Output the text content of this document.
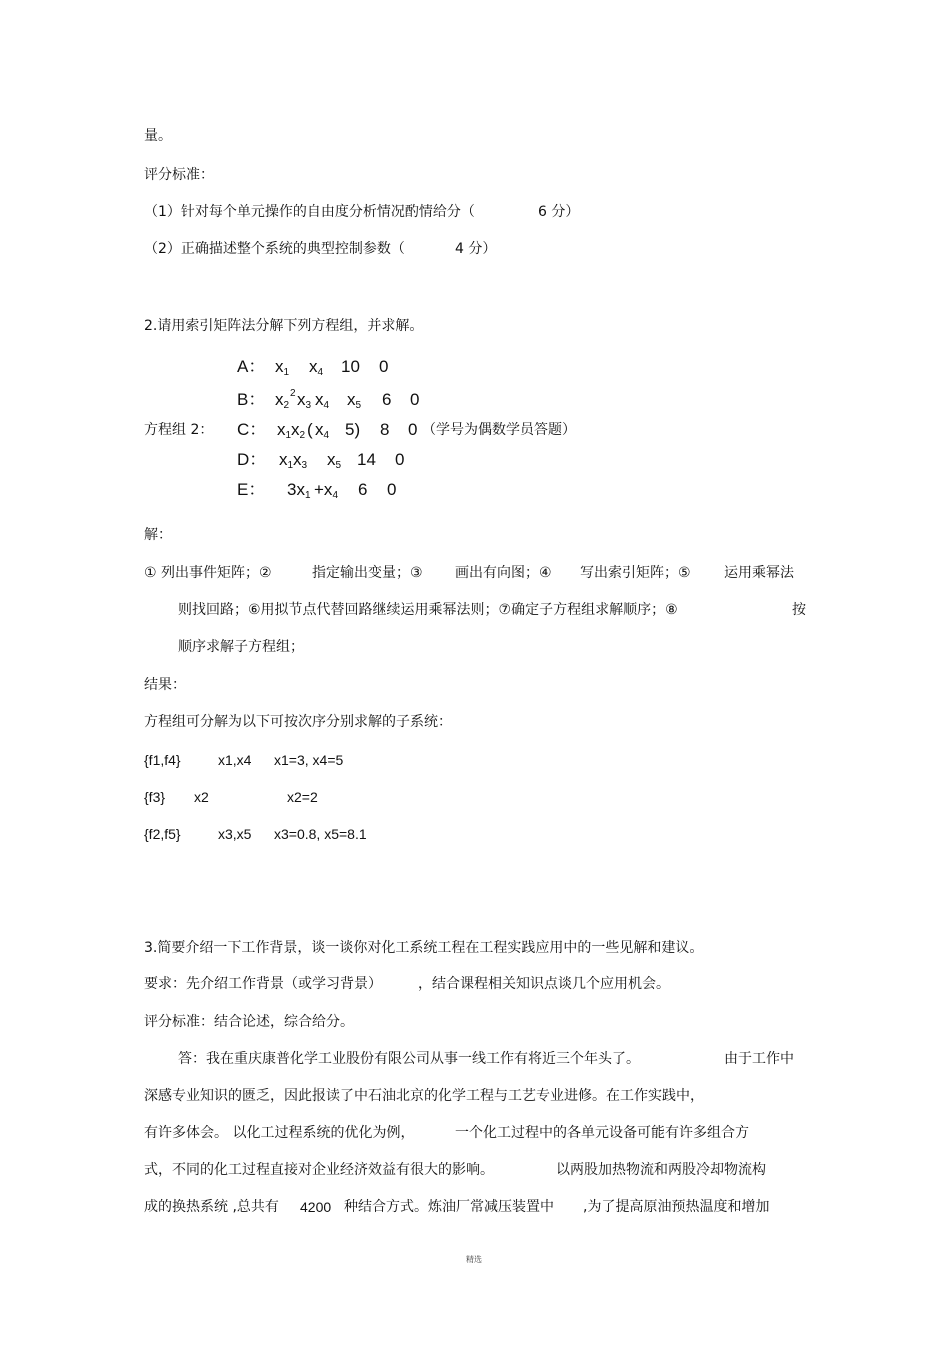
量。
评分标准：
（1）针对每个单元操作的自由度分析情况酌情给分（	6 分）
（2）正确描述整个系统的典型控制参数（	4 分）
2.请用索引矩阵法分解下列方程组，并求解。
A： $x_1$ $x_4$ 10 0
B： $x_2$
2 $x_3$ $x_4$ $x_5$ 6 0
方程组 2： C： $x_1$ $x_2$ ( $x_4$ 5) 8 0 （学号为偶数学员答题）
D： $x_1$ $x_3$ $x_5$ 14 0
E： $3x_1 +x_4$ 6 0
解：
① 列出事件矩阵；②	指定输出变量；③ 画出有向图；④ 写出索引矩阵；⑤ 运用乘幂法
则找回路；⑥用拟节点代替回路继续运用乘幂法则；⑦确定子方程组求解顺序；⑧	按
顺序求解子方程组；
结果：
方程组可分解为以下可按次序分别求解的子系统：
{f1,f4}	x1,x4 x1=3, x4=5
{f3} x2	x2=2
{f2,f5}	x3,x5 x3=0.8, x5=8.1
3.简要介绍一下工作背景，谈一谈你对化工系统工程在工程实践应用中的一些见解和建议。
要求：先介绍工作背景（或学习背景）	，结合课程相关知识点谈几个应用机会。
评分标准：结合论述，综合给分。
答：我在重庆康普化学工业股份有限公司从事一线工作有将近三个年头了。	由于工作中
深感专业知识的匮乏，因此报读了中石油北京的化学工程与工艺专业进修。在工作实践中，
有许多体会。 以化工过程系统的优化为例，	一个化工过程中的各单元设备可能有许多组合方
式，不同的化工过程直接对企业经济效益有很大的影响。	以两股加热物流和两股冷却物流构
成的换热系统 ,总共有 4200 种结合方式。炼油厂常减压装置中 ,为了提高原油预热温度和增加
精选
